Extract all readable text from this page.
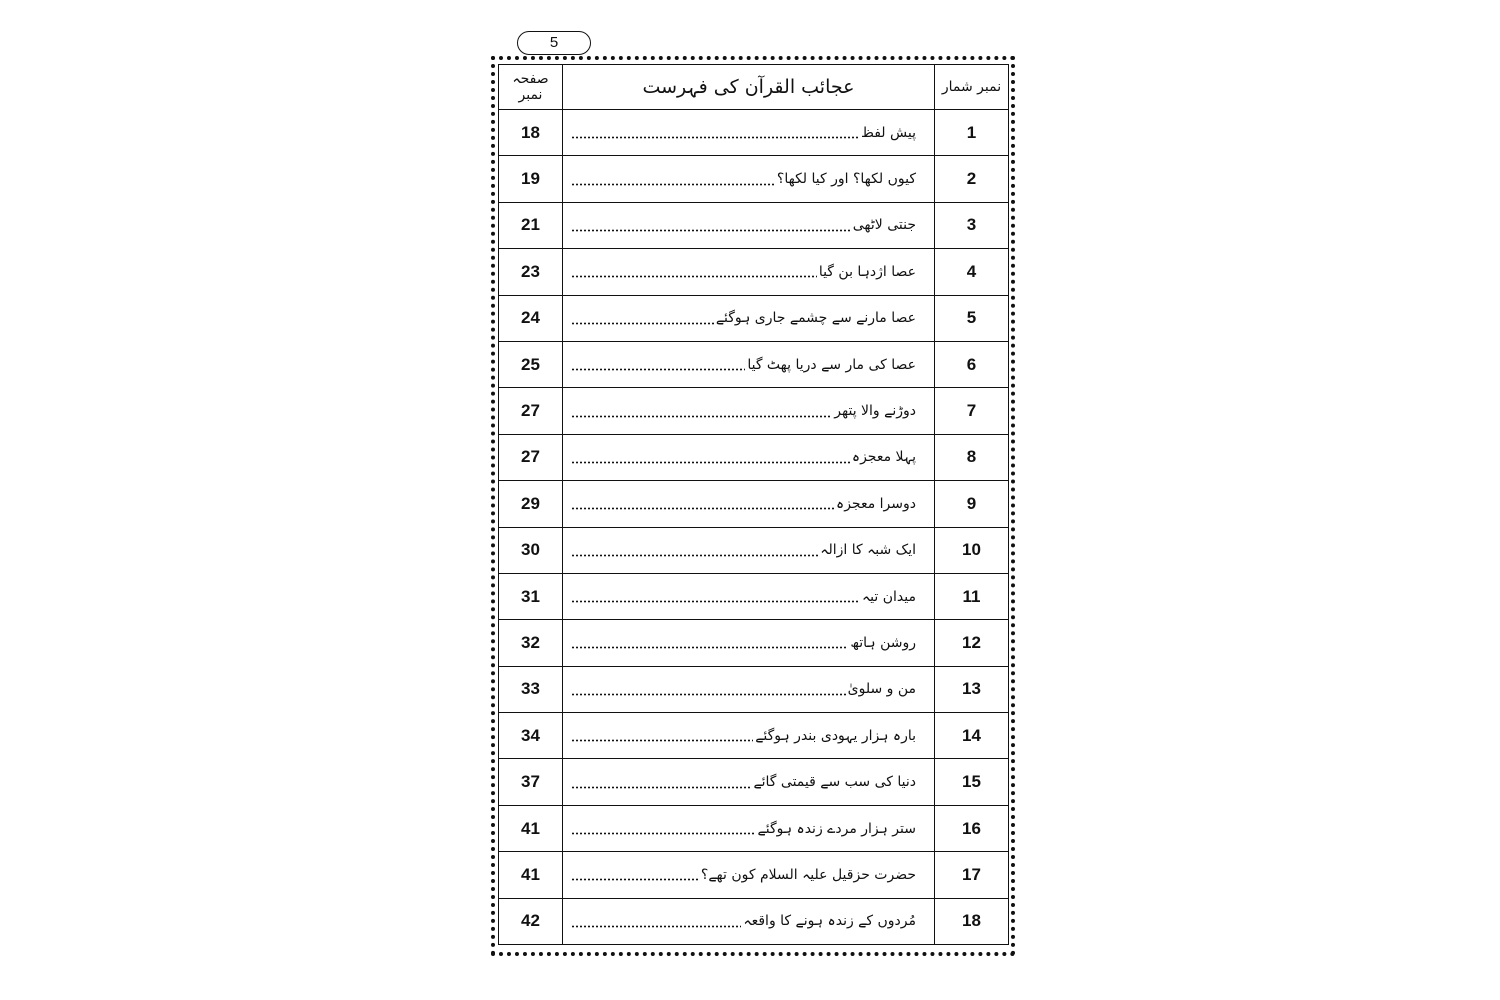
5
صفحہ نمبر	عجائب القرآن کی فہرست	نمبر شمار
18	پیش لفظ	1
19	کیوں لکھا؟ اور کیا لکھا؟	2
21	جنتی لاٹھی	3
23	عصا اژدہا بن گیا	4
24	عصا مارنے سے چشمے جاری ہوگئے	5
25	عصا کی مار سے دریا پھٹ گیا	6
27	دوڑنے والا پتھر	7
27	پہلا معجزہ	8
29	دوسرا معجزہ	9
30	ایک شبہ کا ازالہ	10
31	میدان تیہ	11
32	روشن ہاتھ	12
33	من و سلویٰ	13
34	بارہ ہزار یہودی بندر ہوگئے	14
37	دنیا کی سب سے قیمتی گائے	15
41	ستر ہزار مردے زندہ ہوگئے	16
41	حضرت حزقیل علیہ السلام کون تھے؟	17
42	مُردوں کے زندہ ہونے کا واقعہ	18
